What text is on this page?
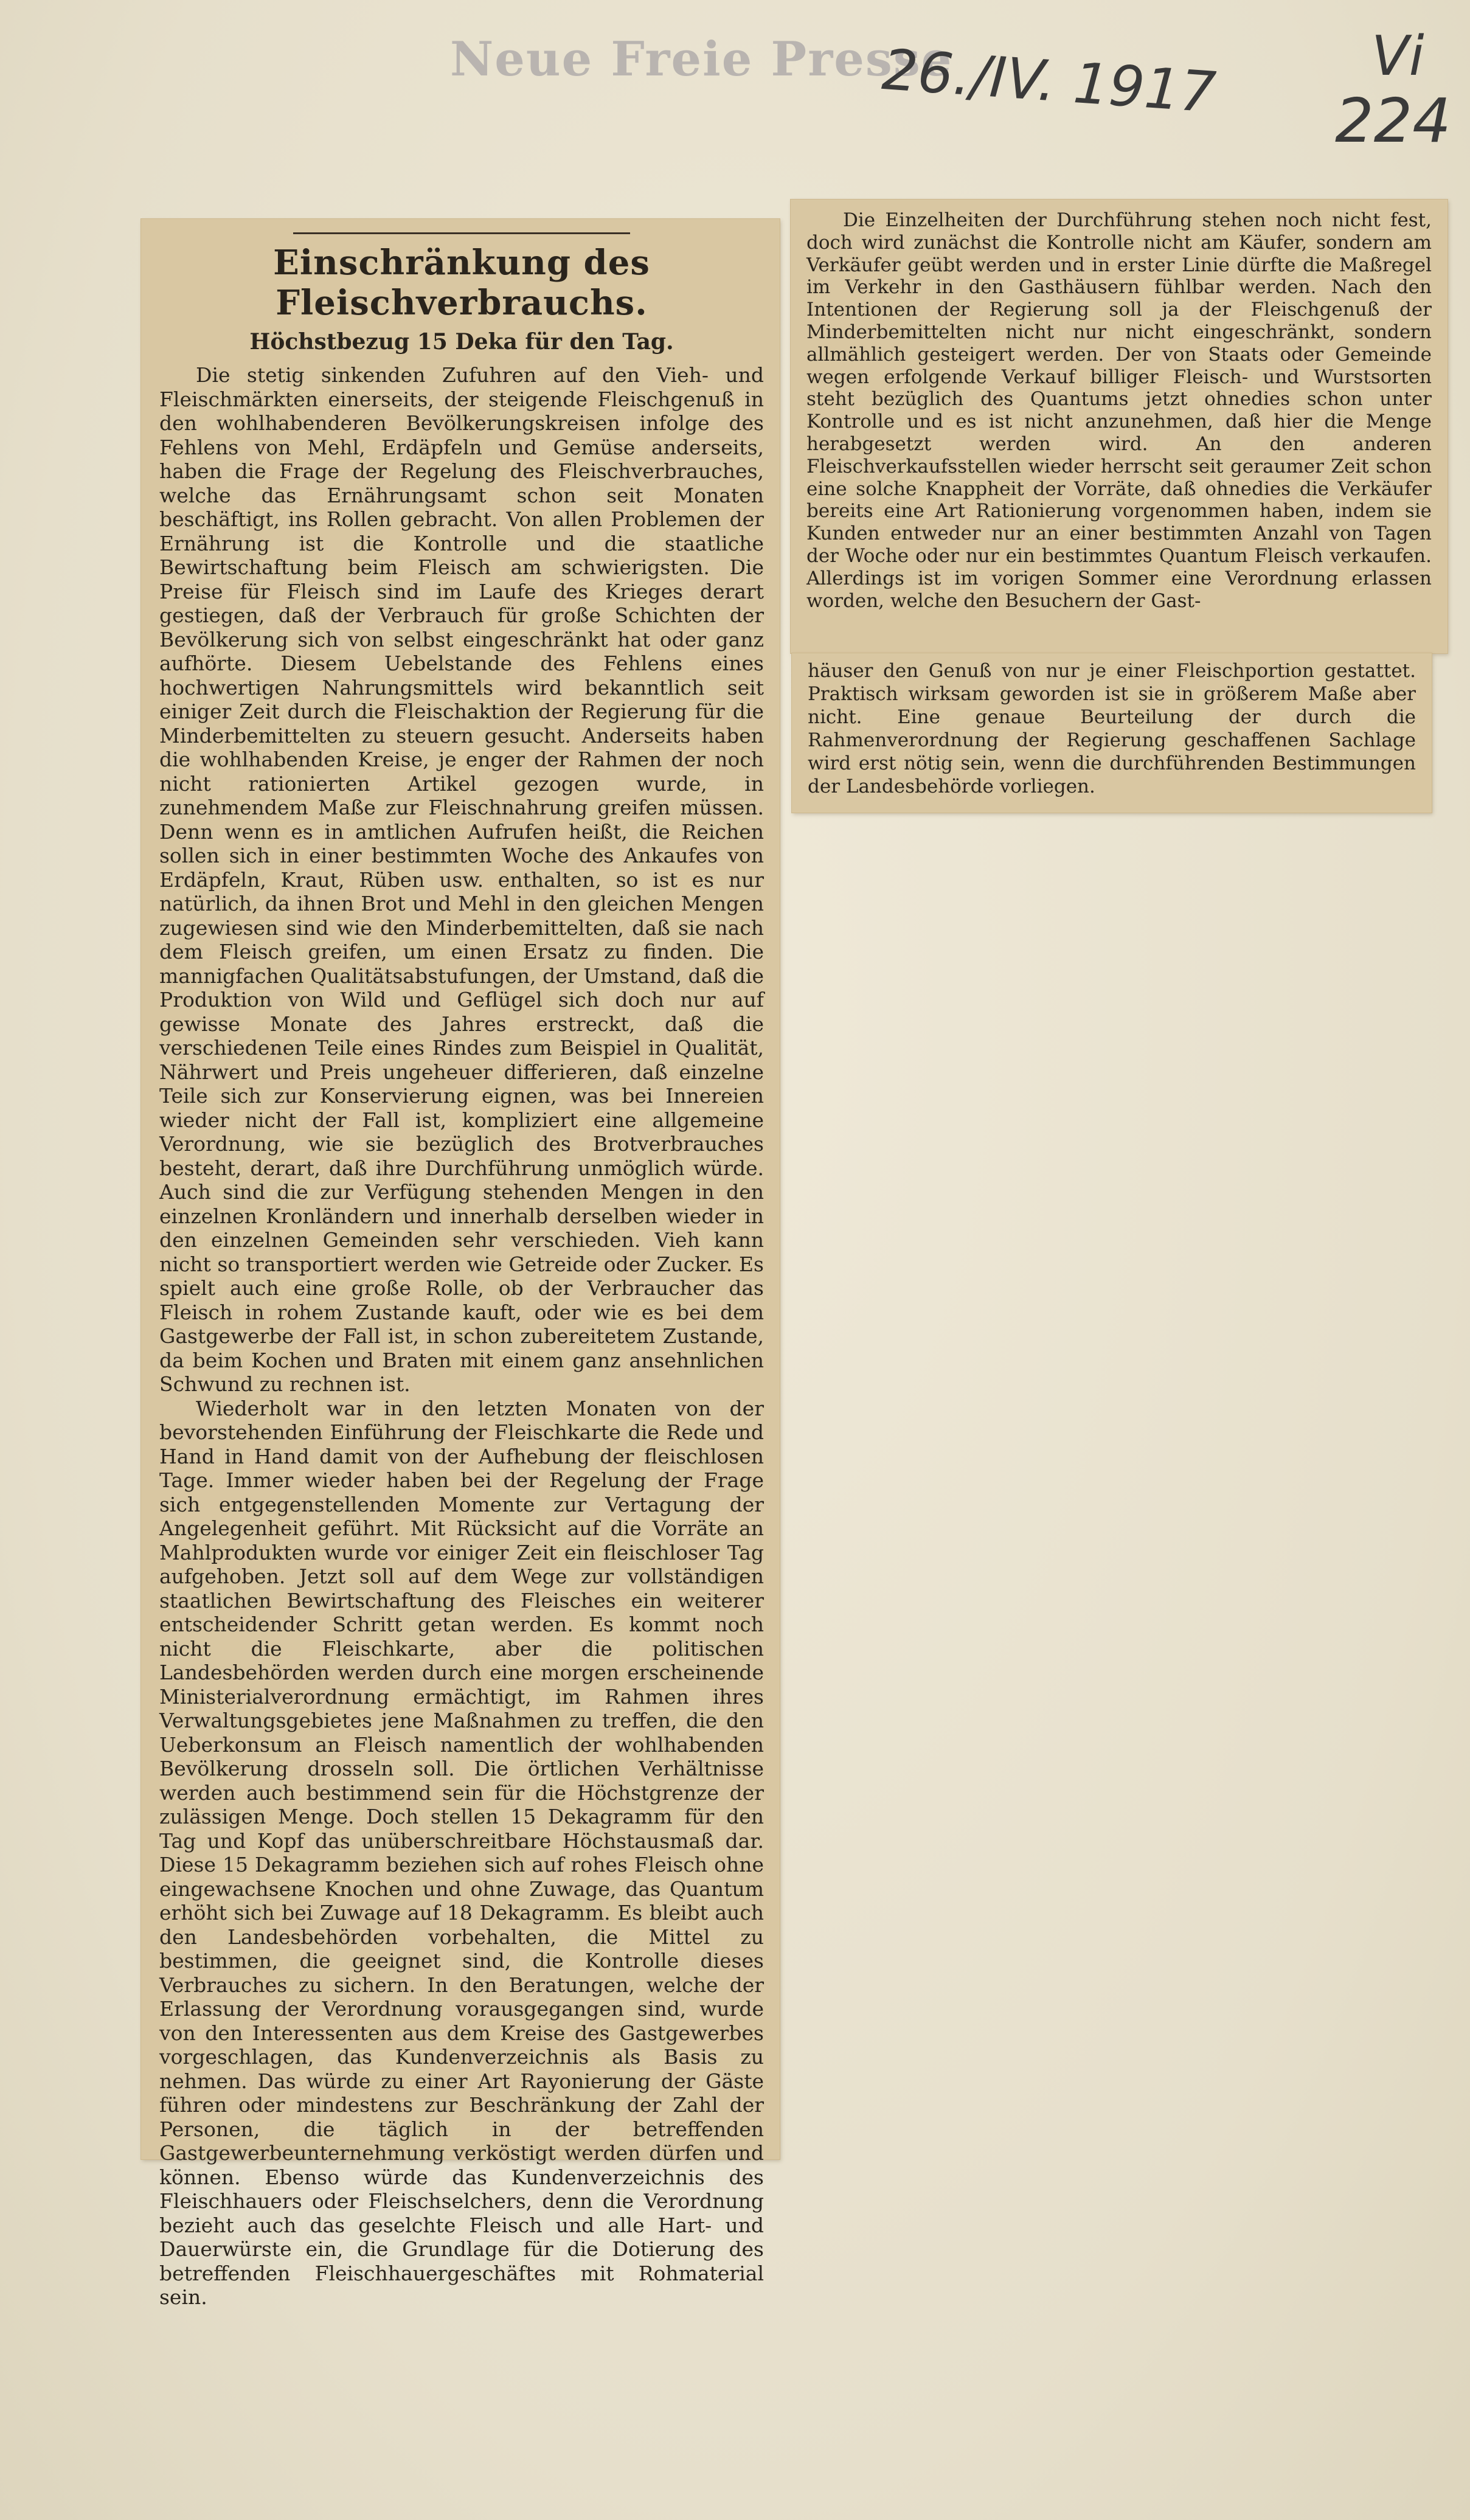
Neue Freie Presse
26./IV. 1917	Vi
224
Einschränkung des Fleischverbrauchs.
Höchstbezug 15 Deka für den Tag.

Die stetig sinkenden Zufuhren auf den Vieh- und Fleischmärkten einerseits, der steigende Fleischgenuß in den wohlhabenderen Bevölkerungskreisen infolge des Fehlens von Mehl, Erdäpfeln und Gemüse anderseits, haben die Frage der Regelung des Fleischverbrauches, welche das Ernährungsamt schon seit Monaten beschäftigt, ins Rollen gebracht. Von allen Problemen der Ernährung ist die Kontrolle und die staatliche Bewirtschaftung beim Fleisch am schwierigsten. Die Preise für Fleisch sind im Laufe des Krieges derart gestiegen, daß der Verbrauch für große Schichten der Bevölkerung sich von selbst eingeschränkt hat oder ganz aufhörte. Diesem Uebelstande des Fehlens eines hochwertigen Nahrungsmittels wird bekanntlich seit einiger Zeit durch die Fleischaktion der Regierung für die Minderbemittelten zu steuern gesucht. Anderseits haben die wohlhabenden Kreise, je enger der Rahmen der noch nicht rationierten Artikel gezogen wurde, in zunehmendem Maße zur Fleischnahrung greifen müssen. Denn wenn es in amtlichen Aufrufen heißt, die Reichen sollen sich in einer bestimmten Woche des Ankaufes von Erdäpfeln, Kraut, Rüben usw. enthalten, so ist es nur natürlich, da ihnen Brot und Mehl in den gleichen Mengen zugewiesen sind wie den Minderbemittelten, daß sie nach dem Fleisch greifen, um einen Ersatz zu finden. Die mannigfachen Qualitätsabstufungen, der Umstand, daß die Produktion von Wild und Geflügel sich doch nur auf gewisse Monate des Jahres erstreckt, daß die verschiedenen Teile eines Rindes zum Beispiel in Qualität, Nährwert und Preis ungeheuer differieren, daß einzelne Teile sich zur Konservierung eignen, was bei Innereien wieder nicht der Fall ist, kompliziert eine allgemeine Verordnung, wie sie bezüglich des Brotverbrauches besteht, derart, daß ihre Durchführung unmöglich würde. Auch sind die zur Verfügung stehenden Mengen in den einzelnen Kronländern und innerhalb derselben wieder in den einzelnen Gemeinden sehr verschieden. Vieh kann nicht so transportiert werden wie Getreide oder Zucker. Es spielt auch eine große Rolle, ob der Verbraucher das Fleisch in rohem Zustande kauft, oder wie es bei dem Gastgewerbe der Fall ist, in schon zubereitetem Zustande, da beim Kochen und Braten mit einem ganz ansehnlichen Schwund zu rechnen ist.

Wiederholt war in den letzten Monaten von der bevorstehenden Einführung der Fleischkarte die Rede und Hand in Hand damit von der Aufhebung der fleischlosen Tage. Immer wieder haben bei der Regelung der Frage sich entgegenstellenden Momente zur Vertagung der Angelegenheit geführt. Mit Rücksicht auf die Vorräte an Mahlprodukten wurde vor einiger Zeit ein fleischloser Tag aufgehoben. Jetzt soll auf dem Wege zur vollständigen staatlichen Bewirtschaftung des Fleisches ein weiterer entscheidender Schritt getan werden. Es kommt noch nicht die Fleischkarte, aber die politischen Landesbehörden werden durch eine morgen erscheinende Ministerialverordnung ermächtigt, im Rahmen ihres Verwaltungsgebietes jene Maßnahmen zu treffen, die den Ueberkonsum an Fleisch namentlich der wohlhabenden Bevölkerung drosseln soll. Die örtlichen Verhältnisse werden auch bestimmend sein für die Höchstgrenze der zulässigen Menge. Doch stellen 15 Dekagramm für den Tag und Kopf das unüberschreitbare Höchstausmaß dar. Diese 15 Dekagramm beziehen sich auf rohes Fleisch ohne eingewachsene Knochen und ohne Zuwage, das Quantum erhöht sich bei Zuwage auf 18 Dekagramm. Es bleibt auch den Landesbehörden vorbehalten, die Mittel zu bestimmen, die geeignet sind, die Kontrolle dieses Verbrauches zu sichern. In den Beratungen, welche der Erlassung der Verordnung vorausgegangen sind, wurde von den Interessenten aus dem Kreise des Gastgewerbes vorgeschlagen, das Kundenverzeichnis als Basis zu nehmen. Das würde zu einer Art Rayonierung der Gäste führen oder mindestens zur Beschränkung der Zahl der Personen, die täglich in der betreffenden Gastgewerbeunternehmung verköstigt werden dürfen und können. Ebenso würde das Kundenverzeichnis des Fleischhauers oder Fleischselchers, denn die Verordnung bezieht auch das geselchte Fleisch und alle Hart- und Dauerwürste ein, die Grundlage für die Dotierung des betreffenden Fleischhauergeschäftes mit Rohmaterial sein.

Die Einzelheiten der Durchführung stehen noch nicht fest, doch wird zunächst die Kontrolle nicht am Käufer, sondern am Verkäufer geübt werden und in erster Linie dürfte die Maßregel im Verkehr in den Gasthäusern fühlbar werden. Nach den Intentionen der Regierung soll ja der Fleischgenuß der Minderbemittelten nicht nur nicht eingeschränkt, sondern allmählich gesteigert werden. Der von Staats oder Gemeinde wegen erfolgende Verkauf billiger Fleisch- und Wurstsorten steht bezüglich des Quantums jetzt ohnedies schon unter Kontrolle und es ist nicht anzunehmen, daß hier die Menge herabgesetzt werden wird. An den anderen Fleischverkaufsstellen wieder herrscht seit geraumer Zeit schon eine solche Knappheit der Vorräte, daß ohnedies die Verkäufer bereits eine Art Rationierung vorgenommen haben, indem sie Kunden entweder nur an einer bestimmten Anzahl von Tagen der Woche oder nur ein bestimmtes Quantum Fleisch verkaufen. Allerdings ist im vorigen Sommer eine Verordnung erlassen worden, welche den Besuchern der Gast-

häuser den Genuß von nur je einer Fleischportion gestattet. Praktisch wirksam geworden ist sie in größerem Maße aber nicht. Eine genaue Beurteilung der durch die Rahmenverordnung der Regierung geschaffenen Sachlage wird erst nötig sein, wenn die durchführenden Bestimmungen der Landesbehörde vorliegen.
